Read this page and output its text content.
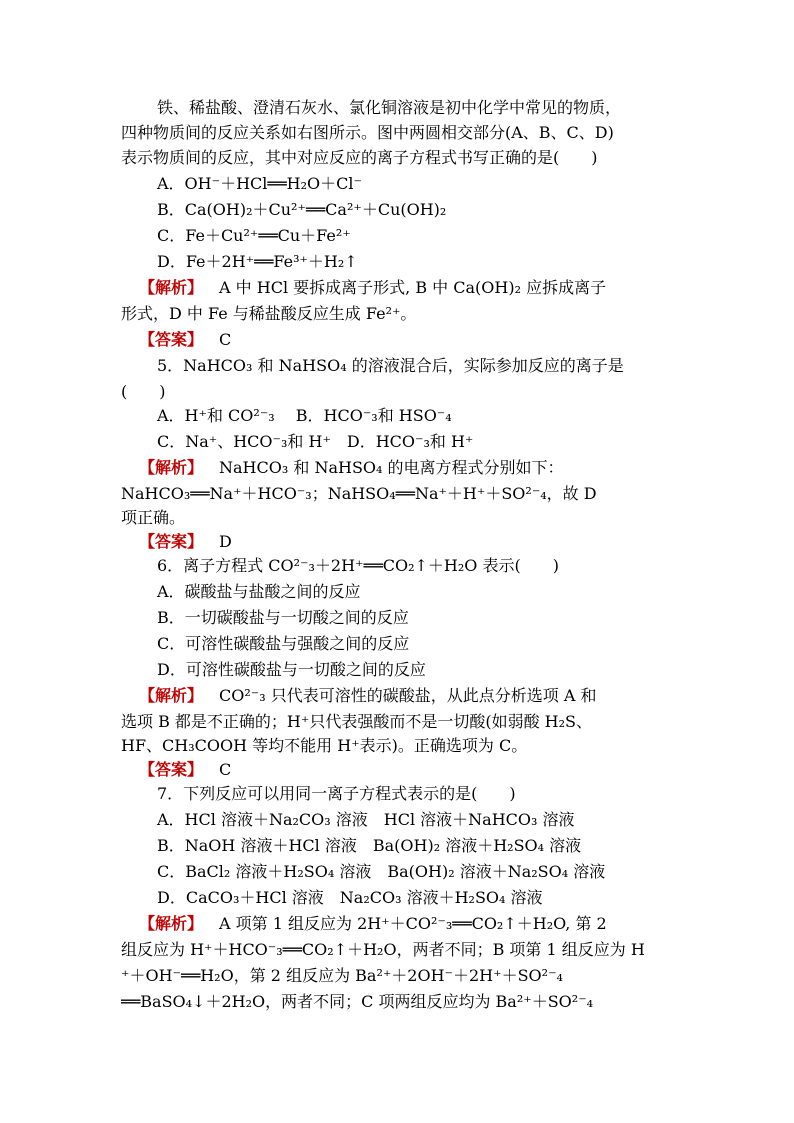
铁、稀盐酸、澄清石灰水、氯化铜溶液是初中化学中常见的物质，
四种物质间的反应关系如右图所示。图中两圆相交部分(A、B、C、D)
表示物质间的反应，其中对应反应的离子方程式书写正确的是(　　)
A．OH⁻＋HCl══H₂O＋Cl⁻
B．Ca(OH)₂＋Cu²⁺══Ca²⁺＋Cu(OH)₂
C．Fe＋Cu²⁺══Cu＋Fe²⁺
D．Fe＋2H⁺══Fe³⁺＋H₂↑
【解析】 A 中 HCl 要拆成离子形式, B 中 Ca(OH)₂ 应拆成离子
形式，D 中 Fe 与稀盐酸反应生成 Fe²⁺。
【答案】 C
5．NaHCO₃ 和 NaHSO₄ 的溶液混合后，实际参加反应的离子是
(　　)
A．H⁺和 CO²⁻₃　 B．HCO⁻₃和 HSO⁻₄
C．Na⁺、HCO⁻₃和 H⁺　D．HCO⁻₃和 H⁺
【解析】 NaHCO₃ 和 NaHSO₄ 的电离方程式分别如下：
NaHCO₃══Na⁺＋HCO⁻₃；NaHSO₄══Na⁺＋H⁺＋SO²⁻₄，故 D
项正确。
【答案】 D
6．离子方程式 CO²⁻₃＋2H⁺══CO₂↑＋H₂O 表示(　　)
A．碳酸盐与盐酸之间的反应
B．一切碳酸盐与一切酸之间的反应
C．可溶性碳酸盐与强酸之间的反应
D．可溶性碳酸盐与一切酸之间的反应
【解析】 CO²⁻₃ 只代表可溶性的碳酸盐，从此点分析选项 A 和
选项 B 都是不正确的；H⁺只代表强酸而不是一切酸(如弱酸 H₂S、
HF、CH₃COOH 等均不能用 H⁺表示)。正确选项为 C。
【答案】 C
7．下列反应可以用同一离子方程式表示的是(　　)
A．HCl 溶液＋Na₂CO₃ 溶液　HCl 溶液＋NaHCO₃ 溶液
B．NaOH 溶液＋HCl 溶液　Ba(OH)₂ 溶液＋H₂SO₄ 溶液
C．BaCl₂ 溶液＋H₂SO₄ 溶液　Ba(OH)₂ 溶液＋Na₂SO₄ 溶液
D．CaCO₃＋HCl 溶液　Na₂CO₃ 溶液＋H₂SO₄ 溶液
【解析】 A 项第 1 组反应为 2H⁺＋CO²⁻₃══CO₂↑＋H₂O, 第 2
组反应为 H⁺＋HCO⁻₃══CO₂↑＋H₂O，两者不同；B 项第 1 组反应为 H
⁺＋OH⁻══H₂O，第 2 组反应为 Ba²⁺＋2OH⁻＋2H⁺＋SO²⁻₄
══BaSO₄↓＋2H₂O，两者不同；C 项两组反应均为 Ba²⁺＋SO²⁻₄
